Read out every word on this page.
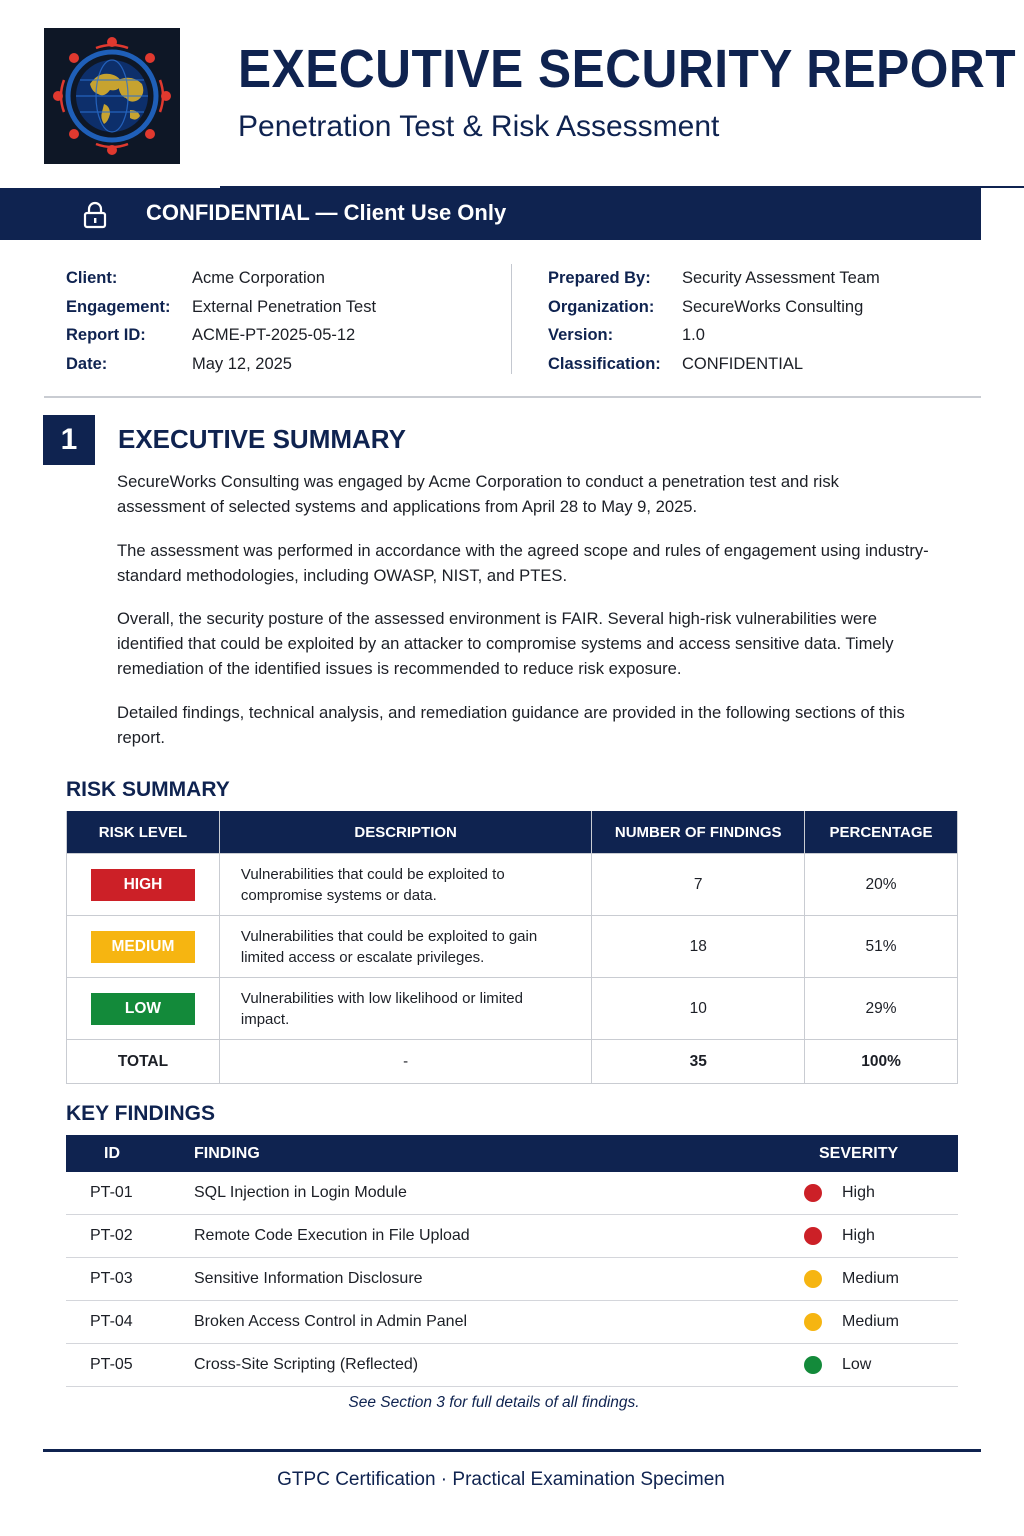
EXECUTIVE SECURITY REPORT
Penetration Test & Risk Assessment
CONFIDENTIAL — Client Use Only
Client:	Acme Corporation
Engagement:	External Penetration Test
Report ID:	ACME-PT-2025-05-12
Date:	May 12, 2025
Prepared By:	Security Assessment Team
Organization:	SecureWorks Consulting
Version:	1.0
Classification:	CONFIDENTIAL
1	EXECUTIVE SUMMARY

SecureWorks Consulting was engaged by Acme Corporation to conduct a penetration test and risk assessment of selected systems and applications from April 28 to May 9, 2025.

The assessment was performed in accordance with the agreed scope and rules of engagement using industry-standard methodologies, including OWASP, NIST, and PTES.

Overall, the security posture of the assessed environment is FAIR. Several high-risk vulnerabilities were identified that could be exploited by an attacker to compromise systems and access sensitive data. Timely remediation of the identified issues is recommended to reduce risk exposure.

Detailed findings, technical analysis, and remediation guidance are provided in the following sections of this report.

RISK SUMMARY
RISK LEVEL	DESCRIPTION	NUMBER OF FINDINGS	PERCENTAGE
HIGH	Vulnerabilities that could be exploited to compromise systems or data.	7	20%
MEDIUM	Vulnerabilities that could be exploited to gain limited access or escalate privileges.	18	51%
LOW	Vulnerabilities with low likelihood or limited impact.	10	29%
TOTAL	-	35	100%
KEY FINDINGS
ID	FINDING	SEVERITY
PT-01	SQL Injection in Login Module	High
PT-02	Remote Code Execution in File Upload	High
PT-03	Sensitive Information Disclosure	Medium
PT-04	Broken Access Control in Admin Panel	Medium
PT-05	Cross-Site Scripting (Reflected)	Low
See Section 3 for full details of all findings.
GTPC Certification · Practical Examination Specimen
